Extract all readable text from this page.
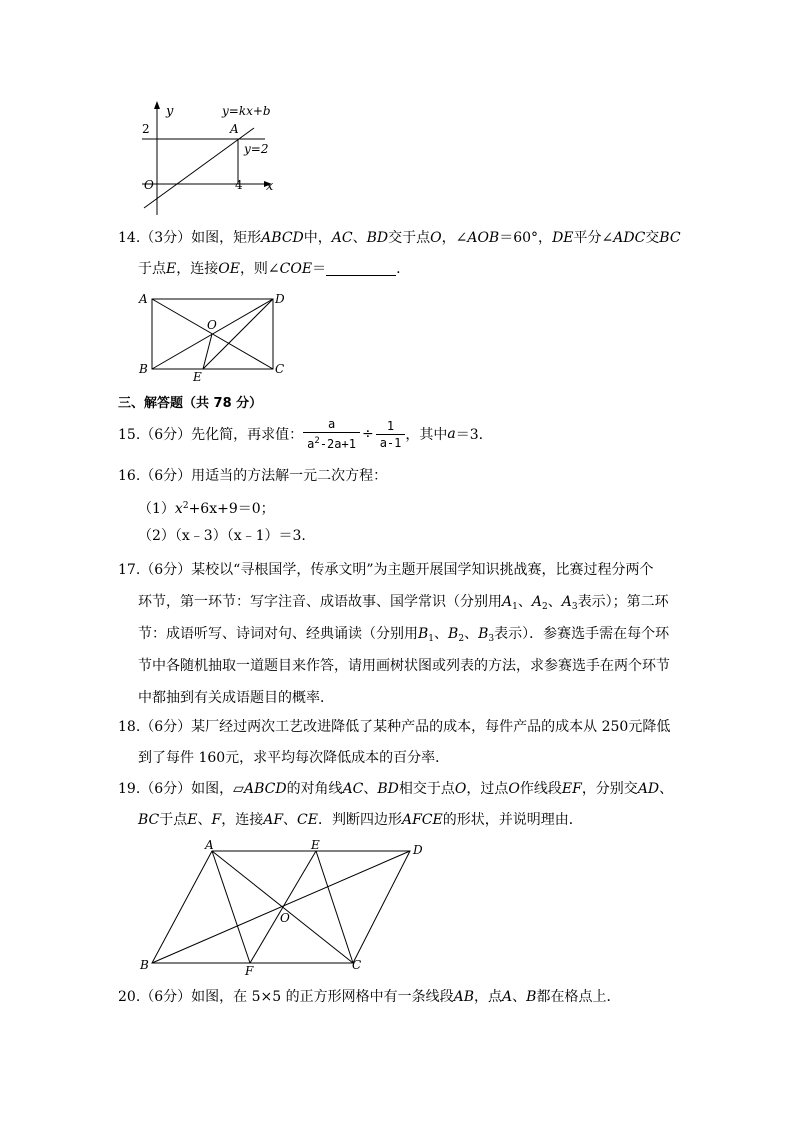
y	y=kx+b
2	A
y=2
O	4 x
14.（3分）如图，矩形ABCD中，AC、BD交于点O，∠AOB＝60°，DE平分∠ADC交BC
于点E，连接OE，则∠COE＝	.
A	D
O
B	C
E
三、解答题（共 78 分）
15.（6分）先化简，再求值： $\frac{a}{a^2-2a+1} \div \frac{1}{a-1}$ ，其中 a ＝3.
16.（6分）用适当的方法解一元二次方程：
$(1)x^2+6x+9=0$；
（2）（x﹣3）（x﹣1）＝3.
17.（6分）某校以“寻根国学，传承文明”为主题开展国学知识挑战赛，比赛过程分两个
环节，第一环节：写字注音、成语故事、国学常识（分别用$A_1$、$A_2$、$A_3$表示）；第二环
节：成语听写、诗词对句、经典诵读（分别用$B_1$、$B_2$、$B_3$表示）．参赛选手需在每个环
节中各随机抽取一道题目来作答，请用画树状图或列表的方法，求参赛选手在两个环节
中都抽到有关成语题目的概率．
18.（6分）某厂经过两次工艺改进降低了某种产品的成本，每件产品的成本从 250元降低
到了每件 160元，求平均每次降低成本的百分率．
19.（6分）如图，▱ABCD的对角线AC、BD相交于点O，过点O作线段EF，分别交AD、
BC于点E、F，连接AF、CE．判断四边形AFCE的形状，并说明理由．
A	E	D
O
B	F	C
20.（6分）如图，在 5×5 的正方形网格中有一条线段AB，点A、B都在格点上．
